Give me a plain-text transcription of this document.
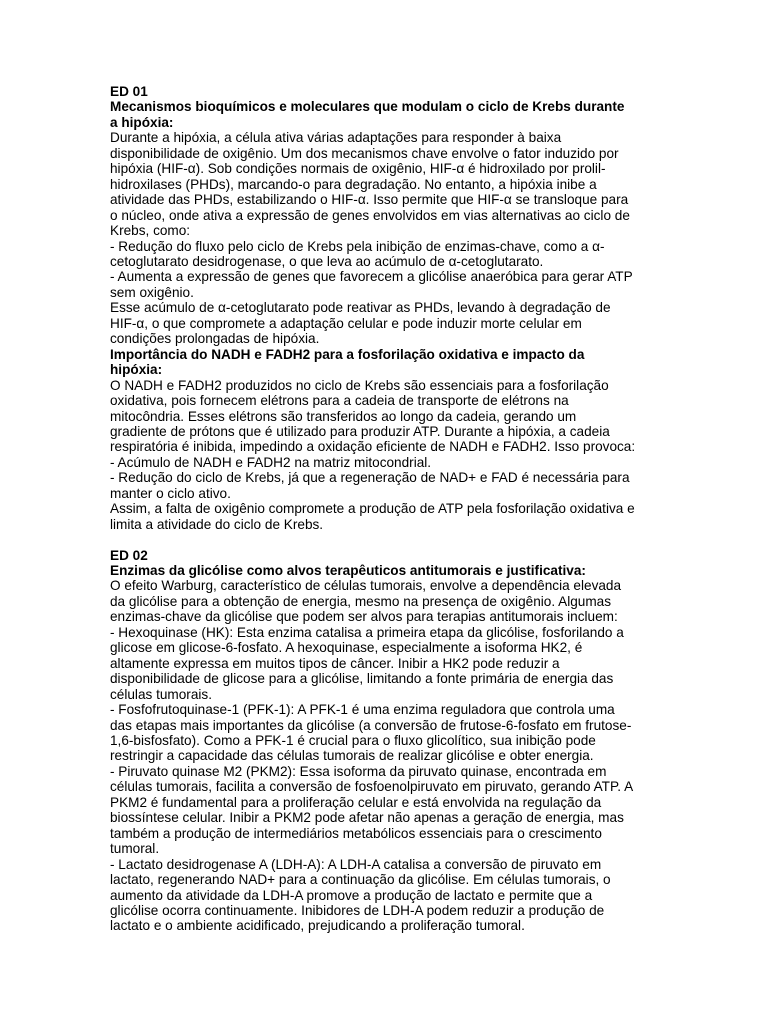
ED 01
Mecanismos bioquímicos e moleculares que modulam o ciclo de Krebs durante
a hipóxia:
Durante a hipóxia, a célula ativa várias adaptações para responder à baixa
disponibilidade de oxigênio. Um dos mecanismos chave envolve o fator induzido por
hipóxia (HIF-α). Sob condições normais de oxigênio, HIF-α é hidroxilado por prolil-
hidroxilases (PHDs), marcando-o para degradação. No entanto, a hipóxia inibe a
atividade das PHDs, estabilizando o HIF-α. Isso permite que HIF-α se transloque para
o núcleo, onde ativa a expressão de genes envolvidos em vias alternativas ao ciclo de
Krebs, como:
- Redução do fluxo pelo ciclo de Krebs pela inibição de enzimas-chave, como a α-
cetoglutarato desidrogenase, o que leva ao acúmulo de α-cetoglutarato.
- Aumenta a expressão de genes que favorecem a glicólise anaeróbica para gerar ATP
sem oxigênio.
Esse acúmulo de α-cetoglutarato pode reativar as PHDs, levando à degradação de
HIF-α, o que compromete a adaptação celular e pode induzir morte celular em
condições prolongadas de hipóxia.
Importância do NADH e FADH2 para a fosforilação oxidativa e impacto da
hipóxia:
O NADH e FADH2 produzidos no ciclo de Krebs são essenciais para a fosforilação
oxidativa, pois fornecem elétrons para a cadeia de transporte de elétrons na
mitocôndria. Esses elétrons são transferidos ao longo da cadeia, gerando um
gradiente de prótons que é utilizado para produzir ATP. Durante a hipóxia, a cadeia
respiratória é inibida, impedindo a oxidação eficiente de NADH e FADH2. Isso provoca:
- Acúmulo de NADH e FADH2 na matriz mitocondrial.
- Redução do ciclo de Krebs, já que a regeneração de NAD+ e FAD é necessária para
manter o ciclo ativo.
Assim, a falta de oxigênio compromete a produção de ATP pela fosforilação oxidativa e
limita a atividade do ciclo de Krebs.
ED 02
Enzimas da glicólise como alvos terapêuticos antitumorais e justificativa:
O efeito Warburg, característico de células tumorais, envolve a dependência elevada
da glicólise para a obtenção de energia, mesmo na presença de oxigênio. Algumas
enzimas-chave da glicólise que podem ser alvos para terapias antitumorais incluem:
- Hexoquinase (HK): Esta enzima catalisa a primeira etapa da glicólise, fosforilando a
glicose em glicose-6-fosfato. A hexoquinase, especialmente a isoforma HK2, é
altamente expressa em muitos tipos de câncer. Inibir a HK2 pode reduzir a
disponibilidade de glicose para a glicólise, limitando a fonte primária de energia das
células tumorais.
- Fosfofrutoquinase-1 (PFK-1): A PFK-1 é uma enzima reguladora que controla uma
das etapas mais importantes da glicólise (a conversão de frutose-6-fosfato em frutose-
1,6-bisfosfato). Como a PFK-1 é crucial para o fluxo glicolítico, sua inibição pode
restringir a capacidade das células tumorais de realizar glicólise e obter energia.
- Piruvato quinase M2 (PKM2): Essa isoforma da piruvato quinase, encontrada em
células tumorais, facilita a conversão de fosfoenolpiruvato em piruvato, gerando ATP. A
PKM2 é fundamental para a proliferação celular e está envolvida na regulação da
biossíntese celular. Inibir a PKM2 pode afetar não apenas a geração de energia, mas
também a produção de intermediários metabólicos essenciais para o crescimento
tumoral.
- Lactato desidrogenase A (LDH-A): A LDH-A catalisa a conversão de piruvato em
lactato, regenerando NAD+ para a continuação da glicólise. Em células tumorais, o
aumento da atividade da LDH-A promove a produção de lactato e permite que a
glicólise ocorra continuamente. Inibidores de LDH-A podem reduzir a produção de
lactato e o ambiente acidificado, prejudicando a proliferação tumoral.
